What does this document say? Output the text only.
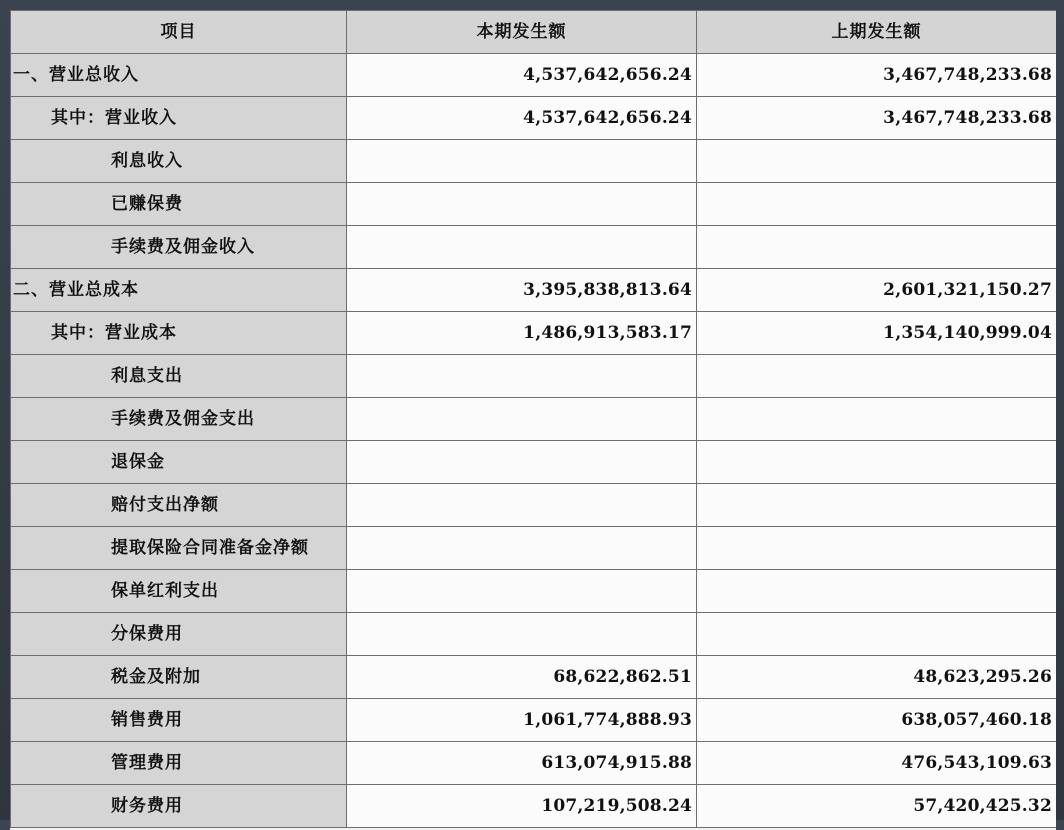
项目	本期发生额	上期发生额
一、营业总收入	4,537,642,656.24	3,467,748,233.68
其中：营业收入	4,537,642,656.24	3,467,748,233.68
利息收入		
已赚保费		
手续费及佣金收入		
二、营业总成本	3,395,838,813.64	2,601,321,150.27
其中：营业成本	1,486,913,583.17	1,354,140,999.04
利息支出		
手续费及佣金支出		
退保金		
赔付支出净额		
提取保险合同准备金净额		
保单红利支出		
分保费用		
税金及附加	68,622,862.51	48,623,295.26
销售费用	1,061,774,888.93	638,057,460.18
管理费用	613,074,915.88	476,543,109.63
财务费用	107,219,508.24	57,420,425.32
